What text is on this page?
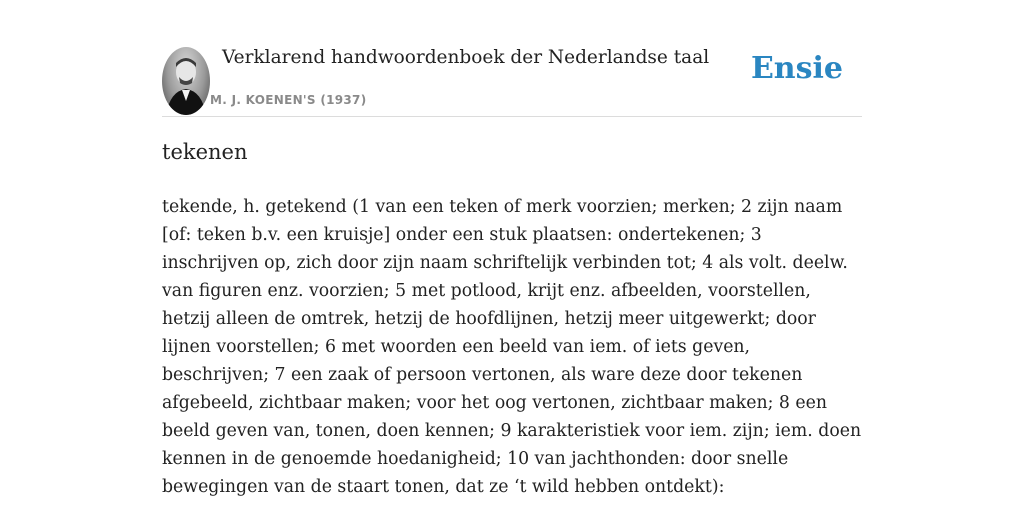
Verklarend handwoordenboek der Nederlandse taal
M. J. KOENEN'S (1937)
Ensie
tekenen

tekende, h. getekend (1 van een teken of merk voorzien; merken; 2 zijn naam [of: teken b.v. een kruisje] onder een stuk plaatsen: ondertekenen; 3 inschrijven op, zich door zijn naam schriftelijk verbinden tot; 4 als volt. deelw. van figuren enz. voorzien; 5 met potlood, krijt enz. afbeelden, voorstellen, hetzij alleen de omtrek, hetzij de hoofdlijnen, hetzij meer uitgewerkt; door lijnen voorstellen; 6 met woorden een beeld van iem. of iets geven, beschrijven; 7 een zaak of persoon vertonen, als ware deze door tekenen afgebeeld, zichtbaar maken; voor het oog vertonen, zichtbaar maken; 8 een beeld geven van, tonen, doen kennen; 9 karakteristiek voor iem. zijn; iem. doen kennen in de genoemde hoedanigheid; 10 van jachthonden: door snelle bewegingen van de staart tonen, dat ze ‘t wild hebben ontdekt):
